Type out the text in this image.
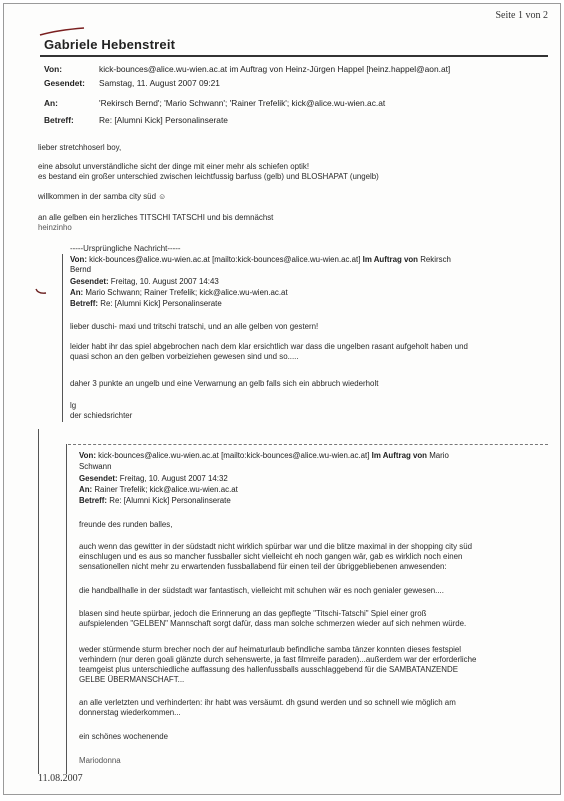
Seite 1 von 2
Gabriele Hebenstreit
Von:	kick-bounces@alice.wu-wien.ac.at im Auftrag von Heinz-Jürgen Happel [heinz.happel@aon.at]
Gesendet: Samstag, 11. August 2007 09:21
An:	'Rekirsch Bernd'; 'Mario Schwann'; 'Rainer Trefelik'; kick@alice.wu-wien.ac.at
Betreff:	Re: [Alumni Kick] Personalinserate
lieber stretchhoserl boy,
eine absolut unverständliche sicht der dinge mit einer mehr als schiefen optik!
es bestand ein großer unterschied zwischen leichtfussig barfuss (gelb) und BLOSHAPAT (ungelb)
willkommen in der samba city süd ☺
an alle gelben ein herzliches TITSCHI TATSCHI und bis demnächst
heinzinho
-----Ursprüngliche Nachricht-----
Von: kick-bounces@alice.wu-wien.ac.at [mailto:kick-bounces@alice.wu-wien.ac.at] Im Auftrag von Rekirsch
Bernd
Gesendet: Freitag, 10. August 2007 14:43
An: Mario Schwann; Rainer Trefelik; kick@alice.wu-wien.ac.at
Betreff: Re: [Alumni Kick] Personalinserate
lieber duschi- maxi und tritschi tratschi, und an alle gelben von gestern!
leider habt ihr das spiel abgebrochen nach dem klar ersichtlich war dass die ungelben rasant aufgeholt haben und
quasi schon an den gelben vorbeiziehen gewesen sind und so.....
daher 3 punkte an ungelb und eine Verwarnung an gelb falls sich ein abbruch wiederholt
lg
der schiedsrichter
Von: kick-bounces@alice.wu-wien.ac.at [mailto:kick-bounces@alice.wu-wien.ac.at] Im Auftrag von Mario
Schwann
Gesendet: Freitag, 10. August 2007 14:32
An: Rainer Trefelik; kick@alice.wu-wien.ac.at
Betreff: Re: [Alumni Kick] Personalinserate
freunde des runden balles,
auch wenn das gewitter in der südstadt nicht wirklich spürbar war und die blitze maximal in der shopping city süd
einschlugen und es aus so mancher fussballer sicht vielleicht eh noch gangen wär, gab es wirklich noch einen
sensationellen nicht mehr zu erwartenden fussballabend für einen teil der übriggebliebenen anwesenden:
die handballhalle in der südstadt war fantastisch, vielleicht mit schuhen wär es noch genialer gewesen....
blasen sind heute spürbar, jedoch die Erinnerung an das gepflegte "Titschi-Tatschi" Spiel einer groß
aufspielenden "GELBEN" Mannschaft sorgt dafür, dass man solche schmerzen wieder auf sich nehmen würde.
weder stürmende sturm brecher noch der auf heimaturlaub befindliche samba tänzer konnten dieses festspiel
verhindern (nur deren goali glänzte durch sehenswerte, ja fast filmreife paraden)...außerdem war der erforderliche
teamgeist plus unterschiedliche auffassung des hallenfussballs ausschlaggebend für die SAMBATANZENDE
GELBE ÜBERMANSCHAFT...
an alle verletzten und verhinderten: ihr habt was versäumt. dh gsund werden und so schnell wie möglich am
donnerstag wiederkommen...
ein schönes wochenende
Mariodonna
11.08.2007
